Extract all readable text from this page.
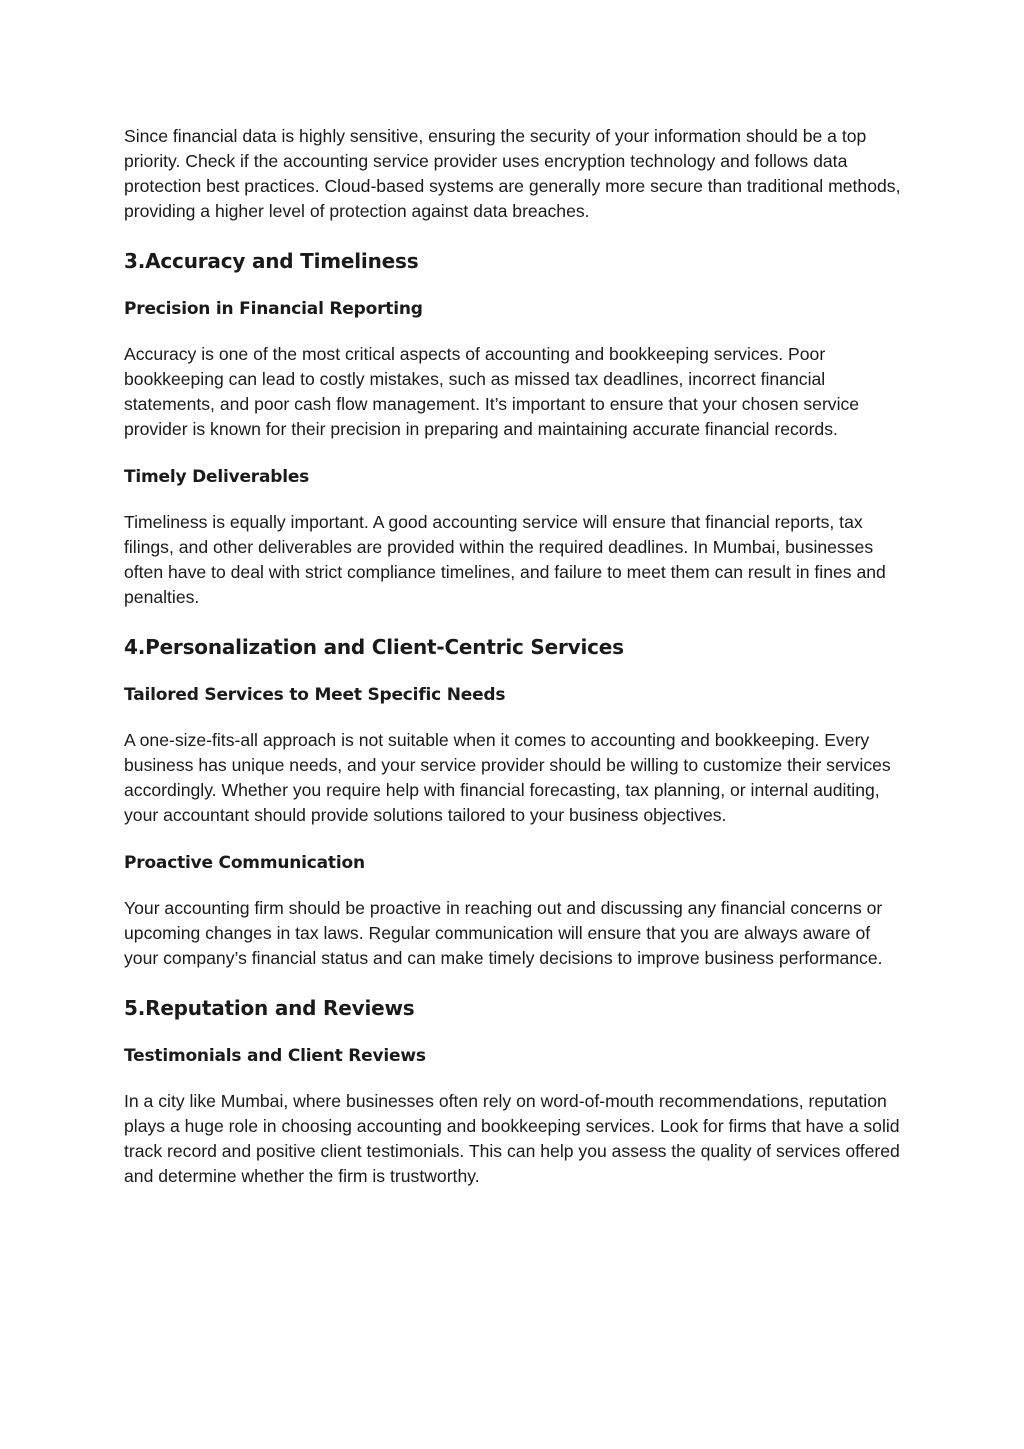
Since financial data is highly sensitive, ensuring the security of your information should be a top priority. Check if the accounting service provider uses encryption technology and follows data protection best practices. Cloud-based systems are generally more secure than traditional methods, providing a higher level of protection against data breaches.

3.Accuracy and Timeliness
Precision in Financial Reporting

Accuracy is one of the most critical aspects of accounting and bookkeeping services. Poor bookkeeping can lead to costly mistakes, such as missed tax deadlines, incorrect financial statements, and poor cash flow management. It’s important to ensure that your chosen service provider is known for their precision in preparing and maintaining accurate financial records.

Timely Deliverables

Timeliness is equally important. A good accounting service will ensure that financial reports, tax filings, and other deliverables are provided within the required deadlines. In Mumbai, businesses often have to deal with strict compliance timelines, and failure to meet them can result in fines and penalties.

4.Personalization and Client-Centric Services
Tailored Services to Meet Specific Needs

A one-size-fits-all approach is not suitable when it comes to accounting and bookkeeping. Every business has unique needs, and your service provider should be willing to customize their services accordingly. Whether you require help with financial forecasting, tax planning, or internal auditing, your accountant should provide solutions tailored to your business objectives.

Proactive Communication

Your accounting firm should be proactive in reaching out and discussing any financial concerns or upcoming changes in tax laws. Regular communication will ensure that you are always aware of your company’s financial status and can make timely decisions to improve business performance.

5.Reputation and Reviews
Testimonials and Client Reviews

In a city like Mumbai, where businesses often rely on word-of-mouth recommendations, reputation plays a huge role in choosing accounting and bookkeeping services. Look for firms that have a solid track record and positive client testimonials. This can help you assess the quality of services offered and determine whether the firm is trustworthy.
